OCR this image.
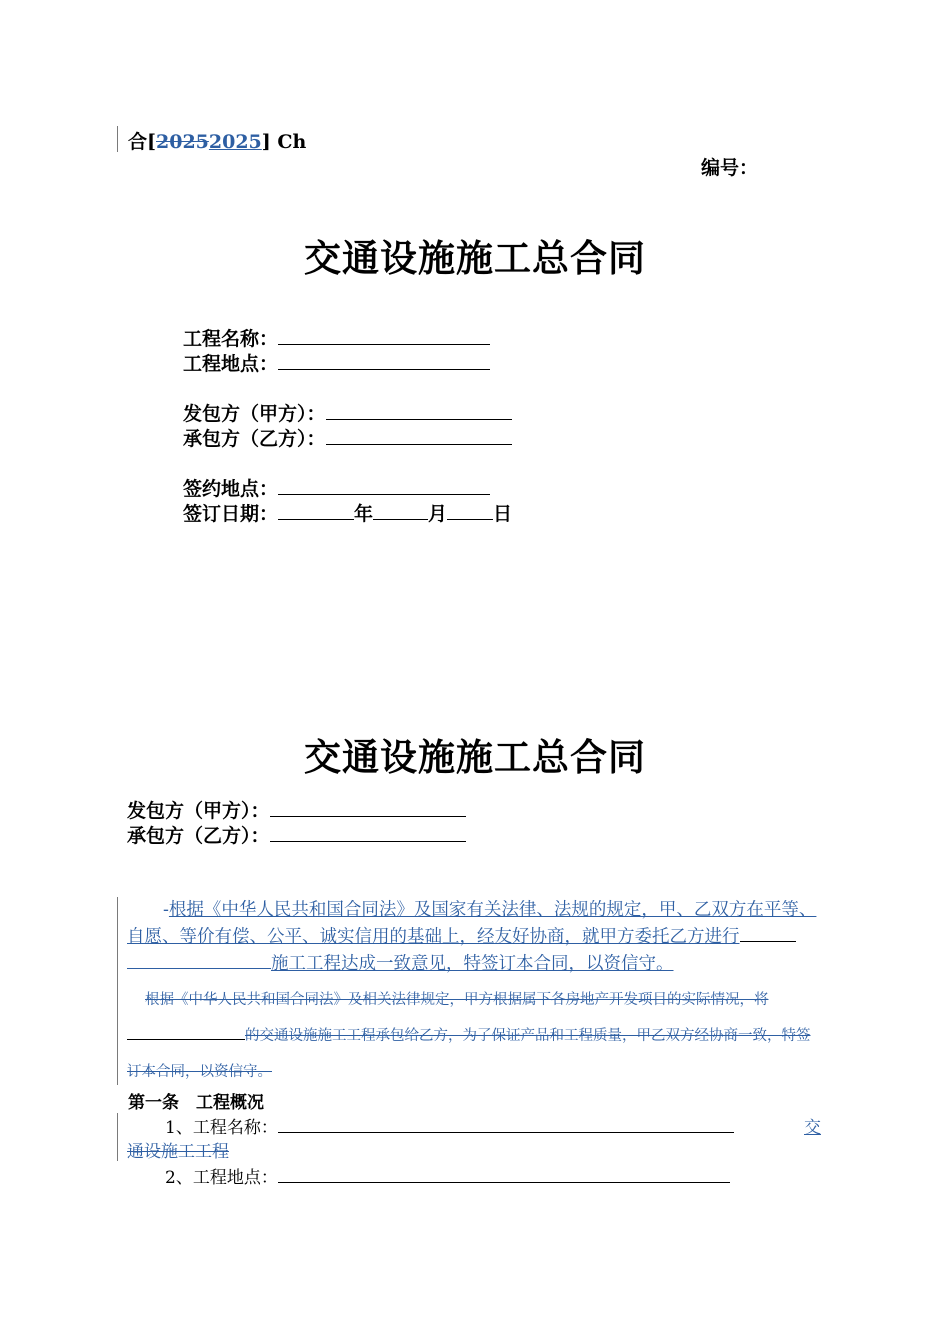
合[20252025] Ch
编号：
交通设施施工总合同
工程名称：
工程地点：
发包方（甲方）：
承包方（乙方）：
签约地点：
签订日期：	年	月 日
交通设施施工总合同
发包方（甲方）：
承包方（乙方）：
-根据《中华人民共和国合同法》及国家有关法律、法规的规定，甲、乙双方在平等、自愿、等价有偿、公平、诚实信用的基础上，经友好协商，就甲方委托乙方进行施工工程达成一致意见，特签订本合同，以资信守。
根据《中华人民共和国合同法》及相关法律规定，甲方根据属下各房地产开发项目的实际情况，将的交通设施施工工程承包给乙方，为了保证产品和工程质量，甲乙双方经协商一致，特签订本合同，以资信守。
第一条　工程概况
1、工程名称：	交
通设施工工程
2、工程地点：
